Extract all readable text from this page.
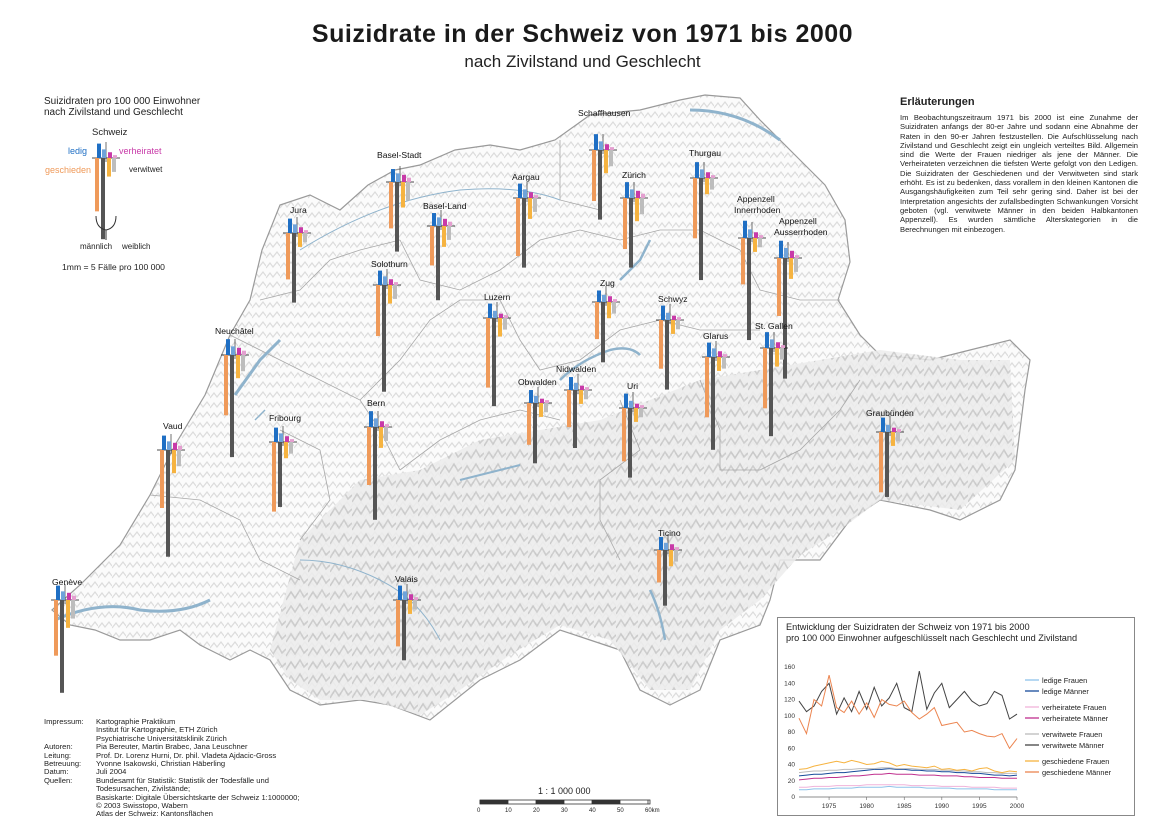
Schaffhausen
Basel-Stadt
Aargau	Zürich
Thurgau
Basel-Land
Jura
Appenzell
Innerrhoden
Appenzell
Ausserrhoden
Solothurn
Luzern
Zug
Schwyz
Glarus
St. Gallen
Neuchâtel
Nidwalden
Obwalden	Uri
Bern
Fribourg
Vaud
Graubünden
Ticino
Genève	Valais
0	10	20	30	40	50	60km
Suizidrate in der Schweiz von 1971 bis 2000
nach Zivilstand und Geschlecht
Suizidraten pro 100 000 Einwohner
nach Zivilstand und Geschlecht
Schweiz
ledig	verheiratet
geschieden	verwitwet
männlich weiblich
1mm = 5 Fälle pro 100 000
Erläuterungen
Im Beobachtungszeitraum 1971 bis 2000 ist eine Zunahme der Suizidraten anfangs der 80-er Jahre und sodann eine Abnahme der Raten in den 90-er Jahren festzustellen. Die Aufschlüsselung nach Zivilstand und Geschlecht zeigt ein ungleich verteiltes Bild. Allgemein sind die Werte der Frauen niedriger als jene der Männer. Die Verheirateten verzeichnen die tiefsten Werte gefolgt von den Ledigen. Die Suizidraten der Geschiedenen und der Verwitweten sind stark erhöht. Es ist zu bedenken, dass vorallem in den kleinen Kantonen die Ausgangshäufigkeiten zum Teil sehr gering sind. Daher ist bei der Interpretation angesichts der zufallsbedingten Schwankungen Vorsicht geboten (vgl. verwitwete Männer in den beiden Halbkantonen Appenzell). Es wurden sämtliche Alterskategorien in die Berechnungen mit einbezogen.
Impressum:	Kartographie Praktikum
Institut für Kartographie, ETH Zürich
Psychiatrische Universitätsklinik Zürich
Autoren:	Pia Bereuter, Martin Brabec, Jana Leuschner
Leitung:	Prof. Dr. Lorenz Hurni, Dr. phil. Vladeta Ajdacic-Gross
Betreuung:	Yvonne Isakowski, Christian Häberling
Datum:	Juli 2004
Quellen:	Bundesamt für Statistik: Statistik der Todesfälle und
Todesursachen, Zivilstände;
Basiskarte: Digitale Übersichtskarte der Schweiz 1:1000000;
© 2003 Swisstopo, Wabern
Atlas der Schweiz: Kantonsflächen
1 : 1 000 000
Entwicklung der Suizidraten der Schweiz von 1971 bis 2000
pro 100 000 Einwohner aufgeschlüsselt nach Geschlecht und Zivilstand
0
20
40
60
80
100
120
140
160
1975	1980	1985	1990	1995	2000
ledige Frauen
ledige Männer
verheiratete Frauen
verheiratete Männer
verwitwete Frauen
verwitwete Männer
geschiedene Frauen
geschiedene Männer
